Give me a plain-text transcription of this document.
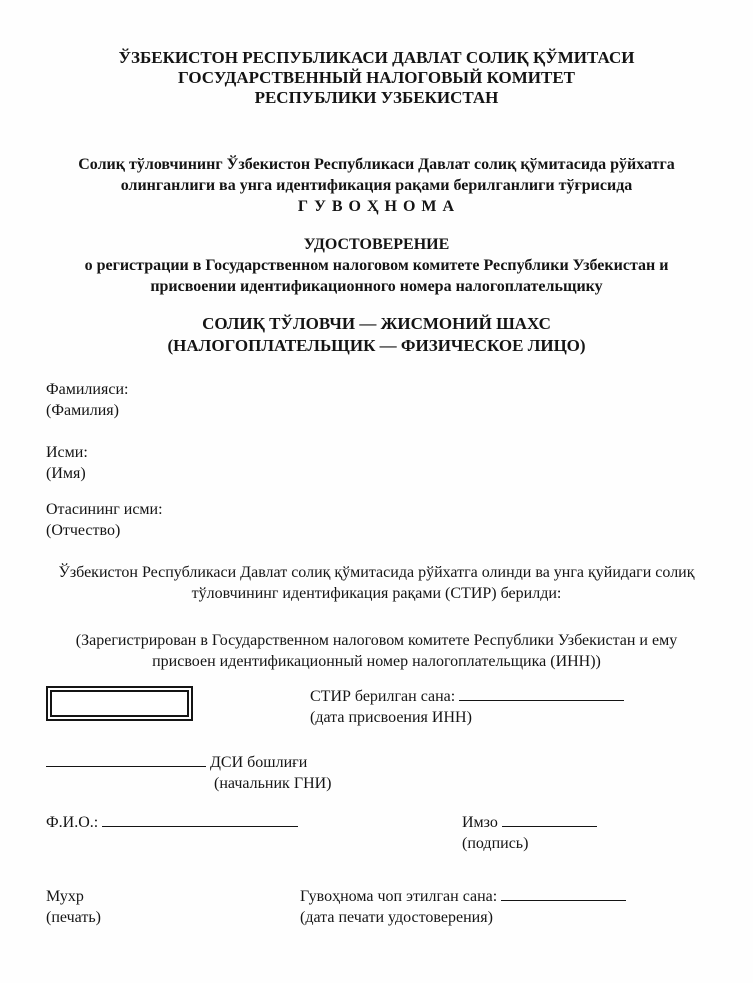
ЎЗБЕКИСТОН РЕСПУБЛИКАСИ ДАВЛАТ СОЛИҚ ҚЎМИТАСИ
ГОСУДАРСТВЕННЫЙ НАЛОГОВЫЙ КОМИТЕТ
РЕСПУБЛИКИ УЗБЕКИСТАН
Солиқ тўловчининг Ўзбекистон Республикаси Давлат солиқ қўмитасида рўйхатга олинганлиги ва унга идентификация рақами берилганлиги тўғрисида
Г У В О Ҳ Н О М А
УДОСТОВЕРЕНИЕ
о регистрации в Государственном налоговом комитете Республики Узбекистан и присвоении идентификационного номера налогоплательщику
СОЛИҚ ТЎЛОВЧИ — ЖИСМОНИЙ ШАХС
(НАЛОГОПЛАТЕЛЬЩИК — ФИЗИЧЕСКОЕ ЛИЦО)
Фамилияси:
(Фамилия)
Исми:
(Имя)
Отасининг исми:
(Отчество)
Ўзбекистон Республикаси Давлат солиқ қўмитасида рўйхатга олинди ва унга қуйидаги солиқ тўловчининг идентификация рақами (СТИР) берилди:
(Зарегистрирован в Государственном налоговом комитете Республики Узбекистан и ему присвоен идентификационный номер налогоплательщика (ИНН))
СТИР берилган сана:
(дата присвоения ИНН)
ДСИ бошлиғи
(начальник ГНИ)
Ф.И.О.:	Имзо
(подпись)
Мухр
(печать)
Гувоҳнома чоп этилган сана:
(дата печати удостоверения)
